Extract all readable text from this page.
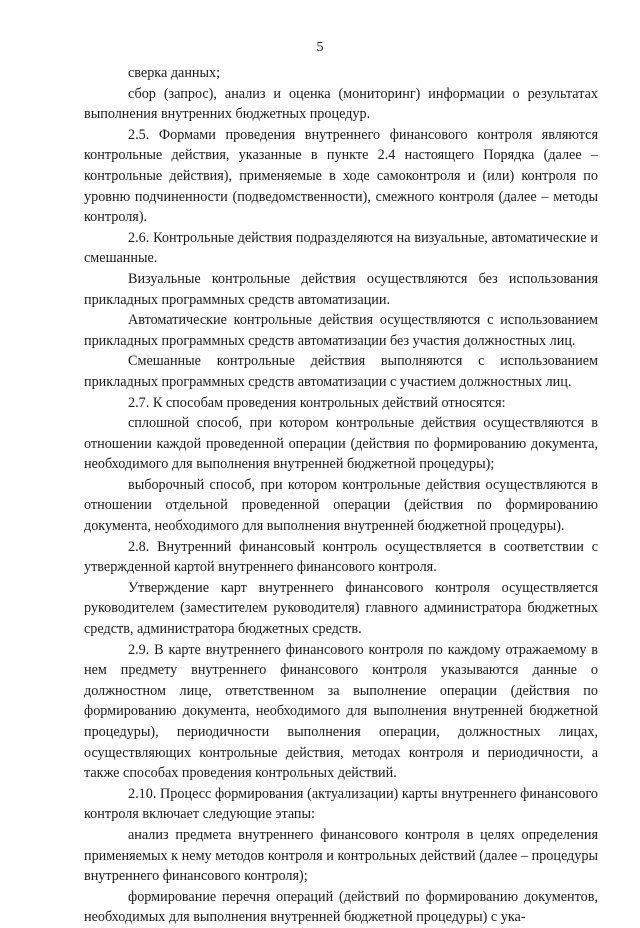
5

сверка данных;

сбор (запрос), анализ и оценка (мониторинг) информации о результатах выполнения внутренних бюджетных процедур.

2.5. Формами проведения внутреннего финансового контроля являются контрольные действия, указанные в пункте 2.4 настоящего Порядка (далее – контрольные действия), применяемые в ходе самоконтроля и (или) контроля по уровню подчиненности (подведомственности), смежного контроля (далее – методы контроля).

2.6. Контрольные действия подразделяются на визуальные, автоматические и смешанные.

Визуальные контрольные действия осуществляются без использования прикладных программных средств автоматизации.

Автоматические контрольные действия осуществляются с использованием прикладных программных средств автоматизации без участия должностных лиц.

Смешанные контрольные действия выполняются с использованием прикладных программных средств автоматизации с участием должностных лиц.

2.7. К способам проведения контрольных действий относятся:

сплошной способ, при котором контрольные действия осуществляются в отношении каждой проведенной операции (действия по формированию документа, необходимого для выполнения внутренней бюджетной процедуры);

выборочный способ, при котором контрольные действия осуществляются в отношении отдельной проведенной операции (действия по формированию документа, необходимого для выполнения внутренней бюджетной процедуры).

2.8. Внутренний финансовый контроль осуществляется в соответствии с утвержденной картой внутреннего финансового контроля.

Утверждение карт внутреннего финансового контроля осуществляется руководителем (заместителем руководителя) главного администратора бюджетных средств, администратора бюджетных средств.

2.9. В карте внутреннего финансового контроля по каждому отражаемому в нем предмету внутреннего финансового контроля указываются данные о должностном лице, ответственном за выполнение операции (действия по формированию документа, необходимого для выполнения внутренней бюджетной процедуры), периодичности выполнения операции, должностных лицах, осуществляющих контрольные действия, методах контроля и периодичности, а также способах проведения контрольных действий.

2.10. Процесс формирования (актуализации) карты внутреннего финансового контроля включает следующие этапы:

анализ предмета внутреннего финансового контроля в целях определения применяемых к нему методов контроля и контрольных действий (далее – процедуры внутреннего финансового контроля);

формирование перечня операций (действий по формированию документов, необходимых для выполнения внутренней бюджетной процедуры) с ука-
